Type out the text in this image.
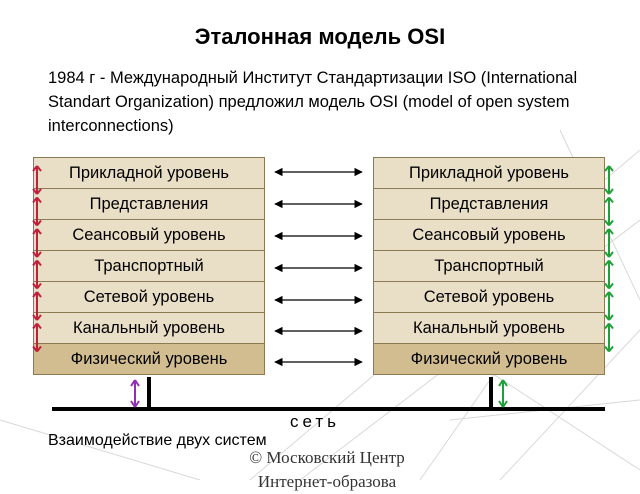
Эталонная модель OSI
1984 г - Международный Институт Стандартизации ISO (International Standart Organization) предложил модель OSI (model of open system interconnections)
Прикладной уровень
Представления
Сеансовый уровень
Транспортный
Сетевой уровень
Канальный уровень
Физический уровень
Прикладной уровень
Представления
Сеансовый уровень
Транспортный
Сетевой уровень
Канальный уровень
Физический уровень
сеть
Взаимодействие двух систем
© Московский Центр
Интернет-образова
